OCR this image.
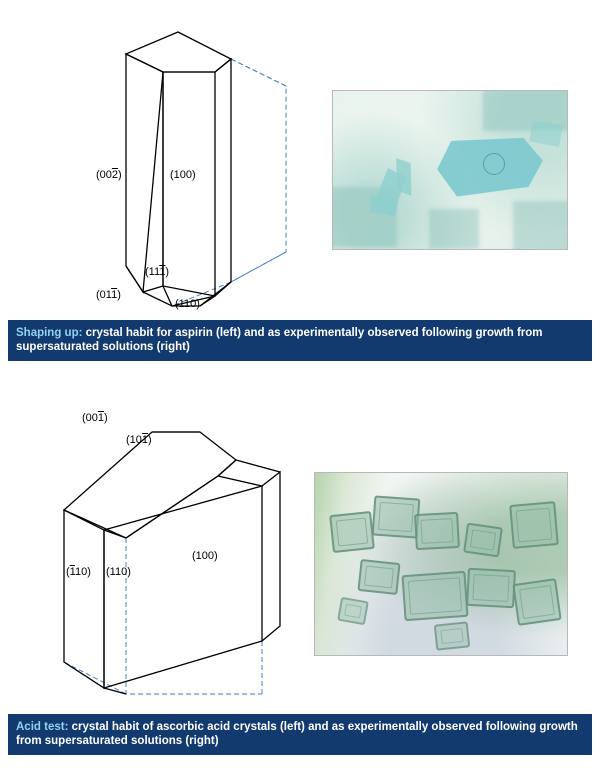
(002)	(100)
(111)
(011)
(110)
Shaping up: crystal habit for aspirin (left) and as experimentally observed following growth from supersaturated solutions (right)
(001)
(101)
(110) (110)
(100)
Acid test: crystal habit of ascorbic acid crystals (left) and as experimentally observed following growth from supersaturated solutions (right)
